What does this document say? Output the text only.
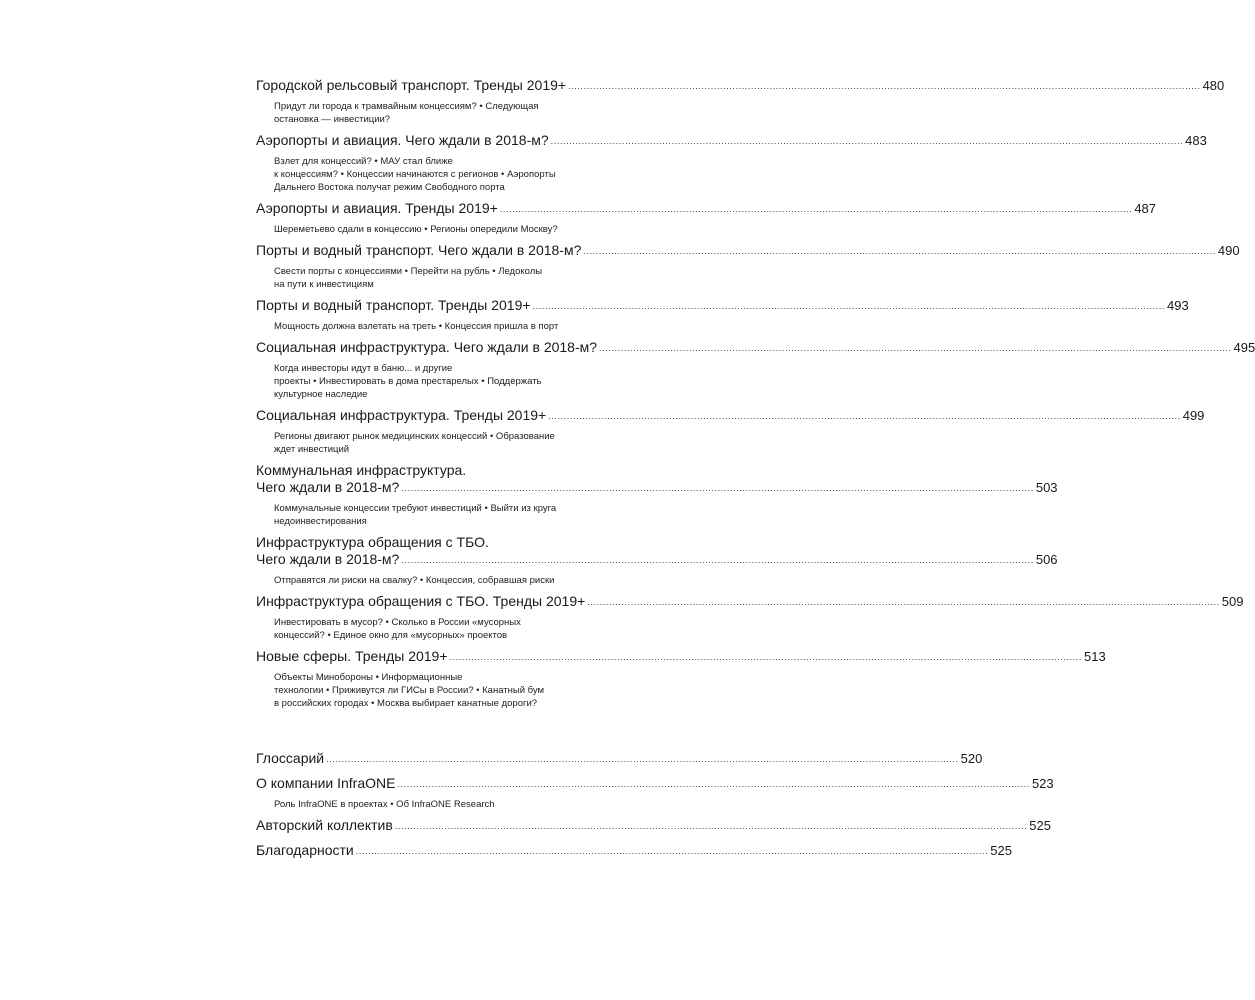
Городской рельсовый транспорт. Тренды 2019+ ............................................................................................................................................................................................................ 480
Придут ли города к трамвайным концессиям? • Следующая
остановка — инвестиции?
Аэропорты и авиация. Чего ждали в 2018-м? ............................................................................................................................................................................................................ 483
Взлет для концессий? • МАУ стал ближе
к концессиям? • Концессии начинаются с регионов • Аэропорты
Дальнего Востока получат режим Свободного порта
Аэропорты и авиация. Тренды 2019+ ............................................................................................................................................................................................................ 487
Шереметьево сдали в концессию • Регионы опередили Москву?
Порты и водный транспорт. Чего ждали в 2018-м? ............................................................................................................................................................................................................ 490
Свести порты с концессиями • Перейти на рубль • Ледоколы
на пути к инвестициям
Порты и водный транспорт. Тренды 2019+ ............................................................................................................................................................................................................ 493
Мощность должна взлетать на треть • Концессия пришла в порт
Социальная инфраструктура. Чего ждали в 2018-м? ............................................................................................................................................................................................................ 495
Когда инвесторы идут в баню... и другие
проекты • Инвестировать в дома престарелых • Поддержать
культурное наследие
Социальная инфраструктура. Тренды 2019+ ............................................................................................................................................................................................................ 499
Регионы двигают рынок медицинских концессий • Образование
ждет инвестиций
Коммунальная инфраструктура.
Чего ждали в 2018-м? ............................................................................................................................................................................................................ 503
Коммунальные концессии требуют инвестиций • Выйти из круга
недоинвестирования
Инфраструктура обращения с ТБО.
Чего ждали в 2018-м? ............................................................................................................................................................................................................ 506
Отправятся ли риски на свалку? • Концессия, собравшая риски
Инфраструктура обращения с ТБО. Тренды 2019+ ............................................................................................................................................................................................................ 509
Инвестировать в мусор? • Сколько в России «мусорных
концессий? • Единое окно для «мусорных» проектов
Новые сферы. Тренды 2019+ ............................................................................................................................................................................................................ 513
Объекты Минобороны • Информационные
технологии • Приживутся ли ГИСы в России? • Канатный бум
в российских городах • Москва выбирает канатные дороги?
Глоссарий ............................................................................................................................................................................................................ 520
О компании InfraONE ............................................................................................................................................................................................................ 523
Роль InfraONE в проектах • Об InfraONE Research
Авторский коллектив ............................................................................................................................................................................................................ 525
Благодарности ............................................................................................................................................................................................................ 525
